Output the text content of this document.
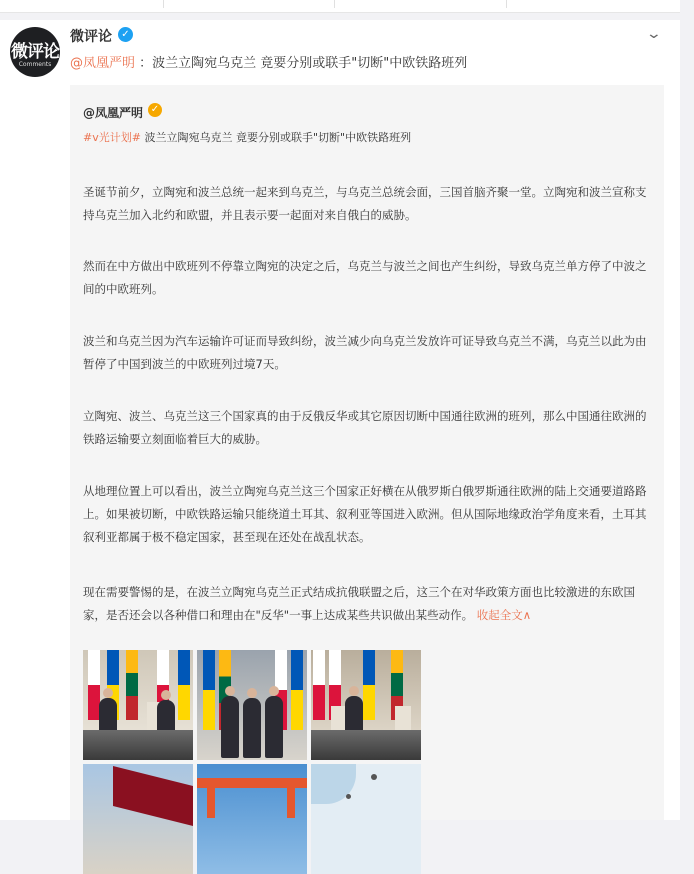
微评论
Comments
微评论 ✓	⌄
@凤凰严明 ：波兰立陶宛乌克兰 竟要分别或联手"切断"中欧铁路班列
@凤凰严明 ✓
#v光计划# 波兰立陶宛乌克兰 竟要分别或联手"切断"中欧铁路班列
圣诞节前夕，立陶宛和波兰总统一起来到乌克兰，与乌克兰总统会面，三国首脑齐聚一堂。立陶宛和波兰宣称支持乌克兰加入北约和欧盟，并且表示要一起面对来自俄白的威胁。
然而在中方做出中欧班列不停靠立陶宛的决定之后，乌克兰与波兰之间也产生纠纷，导致乌克兰单方停了中波之间的中欧班列。
波兰和乌克兰因为汽车运输许可证而导致纠纷，波兰减少向乌克兰发放许可证导致乌克兰不满，乌克兰以此为由暂停了中国到波兰的中欧班列过境7天。
立陶宛、波兰、乌克兰这三个国家真的由于反俄反华或其它原因切断中国通往欧洲的班列，那么中国通往欧洲的铁路运输要立刻面临着巨大的威胁。
从地理位置上可以看出，波兰立陶宛乌克兰这三个国家正好横在从俄罗斯白俄罗斯通往欧洲的陆上交通要道路路上。如果被切断，中欧铁路运输只能绕道土耳其、叙利亚等国进入欧洲。但从国际地缘政治学角度来看，土耳其叙利亚都属于极不稳定国家，甚至现在还处在战乱状态。
现在需要警惕的是，在波兰立陶宛乌克兰正式结成抗俄联盟之后，这三个在对华政策方面也比较激进的东欧国家，是否还会以各种借口和理由在"反华"一事上达成某些共识做出某些动作。 收起全文∧
